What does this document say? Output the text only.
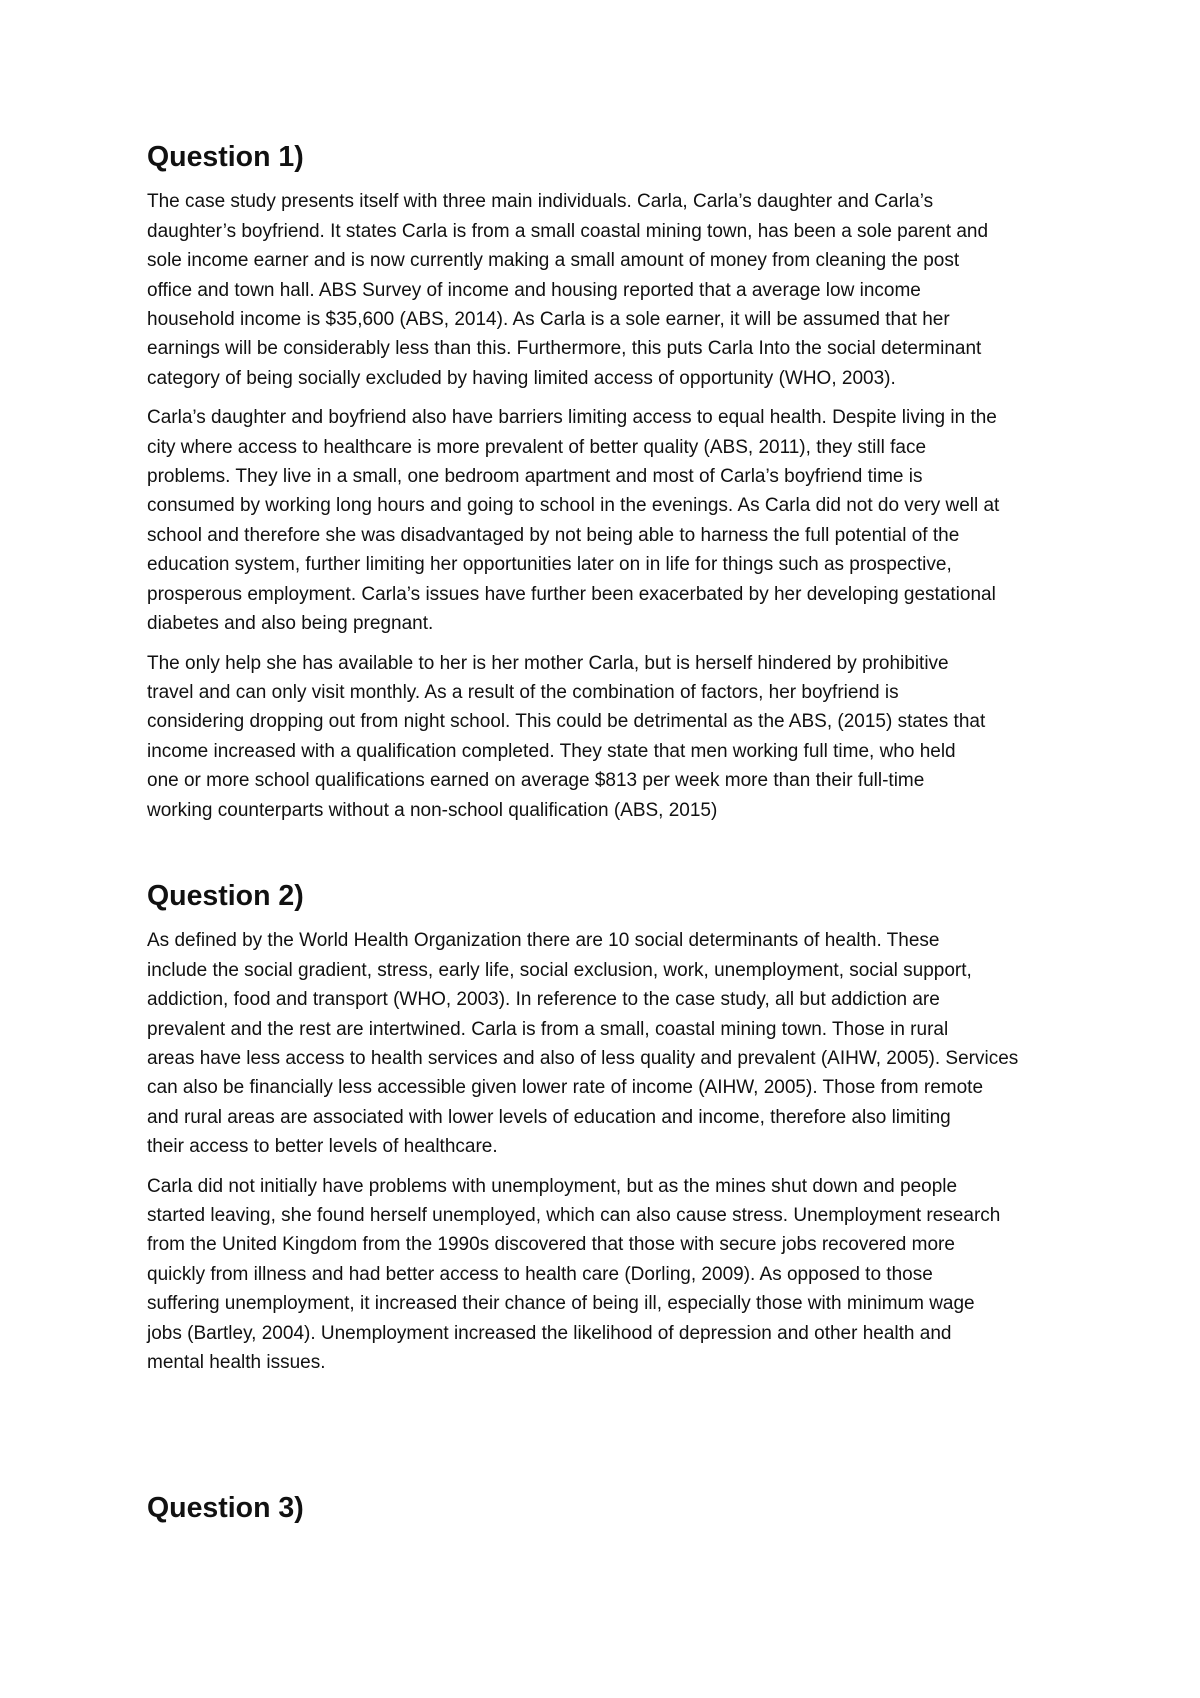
Question 1)

The case study presents itself with three main individuals. Carla, Carla’s daughter and Carla’s
daughter’s boyfriend. It states Carla is from a small coastal mining town, has been a sole parent and
sole income earner and is now currently making a small amount of money from cleaning the post
office and town hall. ABS Survey of income and housing reported that a average low income
household income is $35,600 (ABS, 2014). As Carla is a sole earner, it will be assumed that her
earnings will be considerably less than this. Furthermore, this puts Carla Into the social determinant
category of being socially excluded by having limited access of opportunity (WHO, 2003).

Carla’s daughter and boyfriend also have barriers limiting access to equal health. Despite living in the
city where access to healthcare is more prevalent of better quality (ABS, 2011), they still face
problems. They live in a small, one bedroom apartment and most of Carla’s boyfriend time is
consumed by working long hours and going to school in the evenings. As Carla did not do very well at
school and therefore she was disadvantaged by not being able to harness the full potential of the
education system, further limiting her opportunities later on in life for things such as prospective,
prosperous employment. Carla’s issues have further been exacerbated by her developing gestational
diabetes and also being pregnant.

The only help she has available to her is her mother Carla, but is herself hindered by prohibitive
travel and can only visit monthly. As a result of the combination of factors, her boyfriend is
considering dropping out from night school. This could be detrimental as the ABS, (2015) states that
income increased with a qualification completed. They state that men working full time, who held
one or more school qualifications earned on average $813 per week more than their full-time
working counterparts without a non-school qualification (ABS, 2015)

Question 2)

As defined by the World Health Organization there are 10 social determinants of health. These
include the social gradient, stress, early life, social exclusion, work, unemployment, social support,
addiction, food and transport (WHO, 2003). In reference to the case study, all but addiction are
prevalent and the rest are intertwined. Carla is from a small, coastal mining town. Those in rural
areas have less access to health services and also of less quality and prevalent (AIHW, 2005). Services
can also be financially less accessible given lower rate of income (AIHW, 2005). Those from remote
and rural areas are associated with lower levels of education and income, therefore also limiting
their access to better levels of healthcare.

Carla did not initially have problems with unemployment, but as the mines shut down and people
started leaving, she found herself unemployed, which can also cause stress. Unemployment research
from the United Kingdom from the 1990s discovered that those with secure jobs recovered more
quickly from illness and had better access to health care (Dorling, 2009). As opposed to those
suffering unemployment, it increased their chance of being ill, especially those with minimum wage
jobs (Bartley, 2004). Unemployment increased the likelihood of depression and other health and
mental health issues.

Question 3)
